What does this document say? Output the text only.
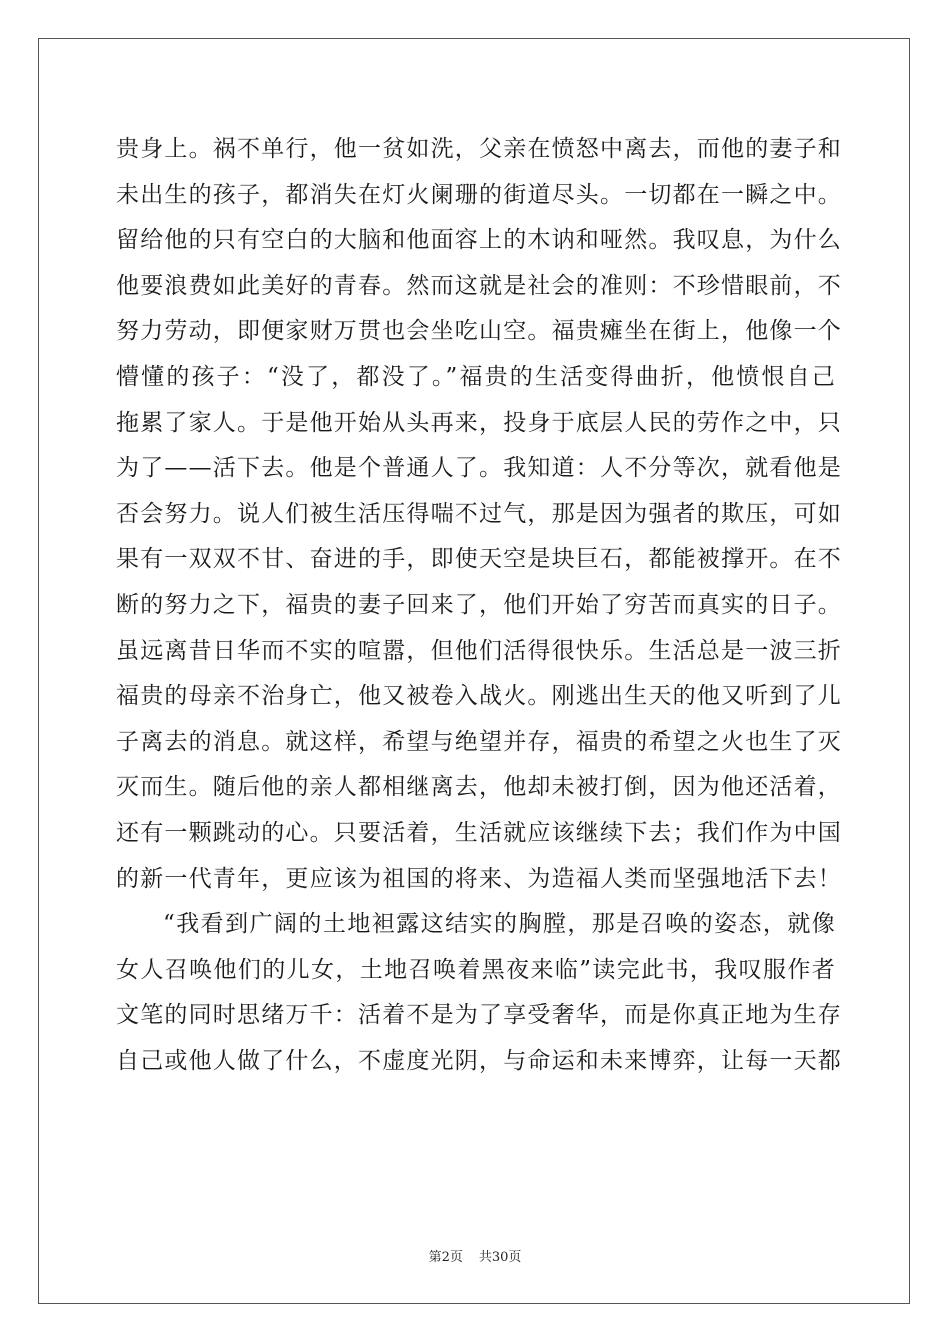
贵身上。祸不单行，他一贫如洗，父亲在愤怒中离去，而他的妻子和
未出生的孩子，都消失在灯火阑珊的街道尽头。一切都在一瞬之中。
留给他的只有空白的大脑和他面容上的木讷和哑然。我叹息，为什么
他要浪费如此美好的青春。然而这就是社会的准则：不珍惜眼前，不
努力劳动，即便家财万贯也会坐吃山空。福贵瘫坐在街上，他像一个
懵懂的孩子：“没了，都没了。”福贵的生活变得曲折，他愤恨自己
拖累了家人。于是他开始从头再来，投身于底层人民的劳作之中，只
为了——活下去。他是个普通人了。我知道：人不分等次，就看他是
否会努力。说人们被生活压得喘不过气，那是因为强者的欺压，可如
果有一双双不甘、奋进的手，即使天空是块巨石，都能被撑开。在不
断的努力之下，福贵的妻子回来了，他们开始了穷苦而真实的日子。
虽远离昔日华而不实的喧嚣，但他们活得很快乐。生活总是一波三折
福贵的母亲不治身亡，他又被卷入战火。刚逃出生天的他又听到了儿
子离去的消息。就这样，希望与绝望并存，福贵的希望之火也生了灭
灭而生。随后他的亲人都相继离去，他却未被打倒，因为他还活着，
还有一颗跳动的心。只要活着，生活就应该继续下去；我们作为中国
的新一代青年，更应该为祖国的将来、为造福人类而坚强地活下去！
“我看到广阔的土地袒露这结实的胸膛，那是召唤的姿态，就像
女人召唤他们的儿女，土地召唤着黑夜来临”读完此书，我叹服作者
文笔的同时思绪万千：活着不是为了享受奢华，而是你真正地为生存
自己或他人做了什么，不虚度光阴，与命运和未来博弈，让每一天都
第2页 共30页
